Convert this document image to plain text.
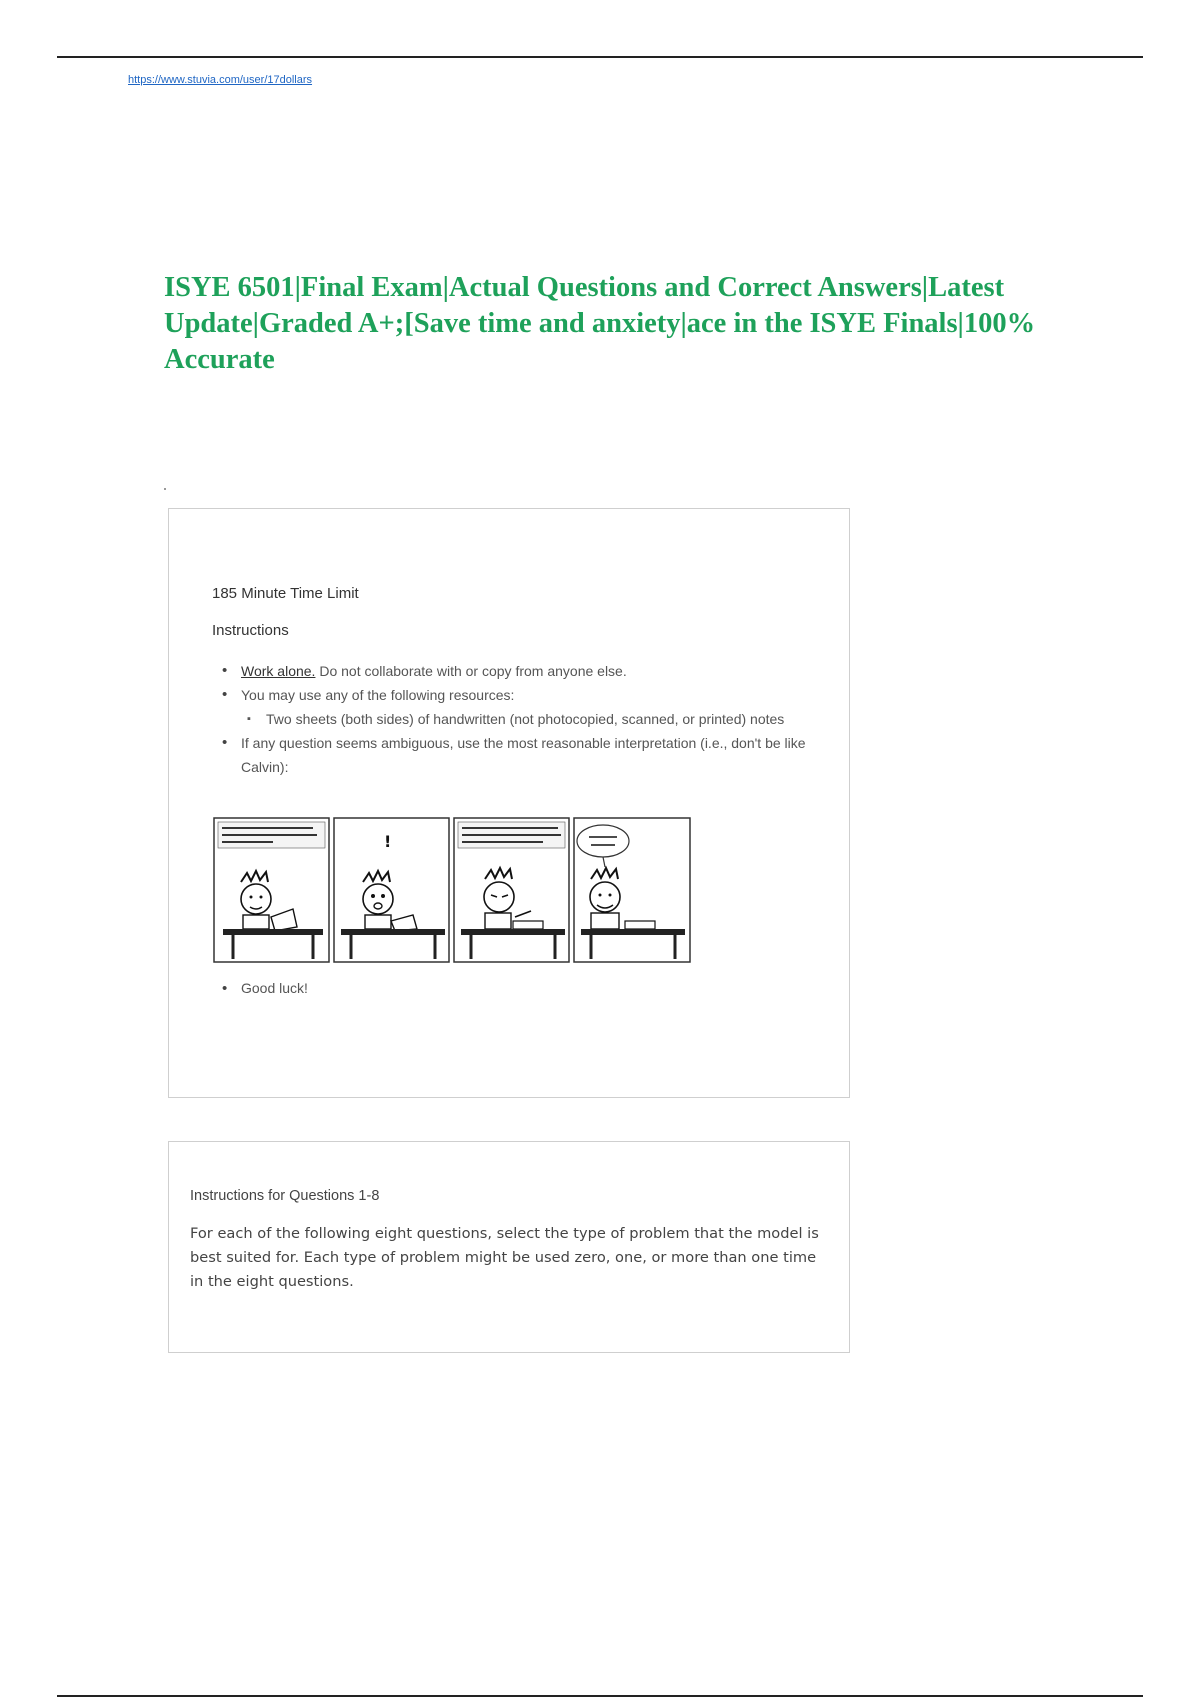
https://www.stuvia.com/user/17dollars
ISYE 6501|Final Exam|Actual Questions and Correct Answers|Latest Update|Graded A+;[Save time and anxiety|ace in the ISYE Finals|100% Accurate
185 Minute Time Limit
Instructions
• Work alone. Do not collaborate with or copy from anyone else.
• You may use any of the following resources:
▪ Two sheets (both sides) of handwritten (not photocopied, scanned, or printed) notes
• If any question seems ambiguous, use the most reasonable interpretation (i.e., don't be like Calvin):
!
• Good luck!
Instructions for Questions 1-8

For each of the following eight questions, select the type of problem that the model is best suited for. Each type of problem might be used zero, one, or more than one time in the eight questions.
